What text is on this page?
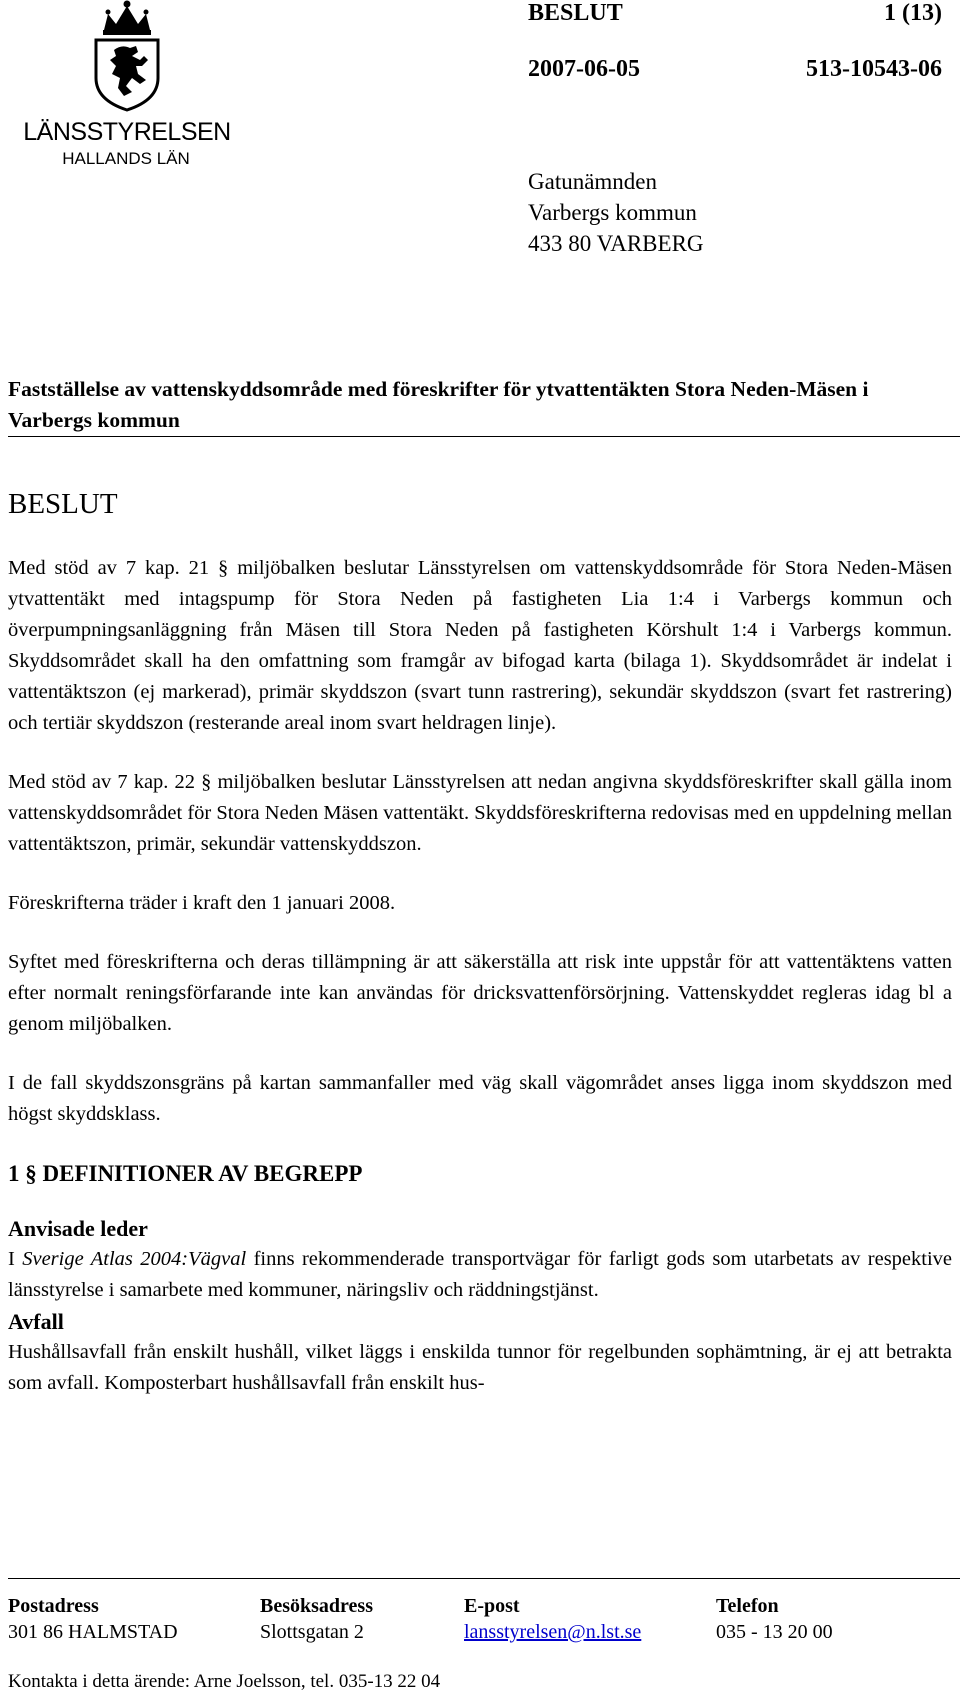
LÄNSSTYRELSEN
HALLANDS LÄN
BESLUT	1 (13)
2007-06-05	513-10543-06
Gatunämnden
Varbergs kommun
433 80 VARBERG
Fastställelse av vattenskyddsområde med föreskrifter för ytvattentäkten Stora Neden-Mäsen i Varbergs kommun
BESLUT

Med stöd av 7 kap. 21 § miljöbalken beslutar Länsstyrelsen om vattenskyddsområde för Stora Neden-Mäsen ytvattentäkt med intagspump för Stora Neden på fastigheten Lia 1:4 i Varbergs kommun och överpumpningsanläggning från Mäsen till Stora Neden på fastigheten Körshult 1:4 i Varbergs kommun. Skyddsområdet skall ha den omfattning som framgår av bifogad karta (bilaga 1). Skyddsområdet är indelat i vattentäktszon (ej markerad), primär skyddszon (svart tunn rastrering), sekundär skyddszon (svart fet rastrering) och tertiär skyddszon (resterande areal inom svart heldragen linje).

Med stöd av 7 kap. 22 § miljöbalken beslutar Länsstyrelsen att nedan angivna skyddsföreskrifter skall gälla inom vattenskyddsområdet för Stora Neden Mäsen vattentäkt. Skyddsföreskrifterna redovisas med en uppdelning mellan vattentäktszon, primär, sekundär vattenskyddszon.

Föreskrifterna träder i kraft den 1 januari 2008.

Syftet med föreskrifterna och deras tillämpning är att säkerställa att risk inte uppstår för att vattentäktens vatten efter normalt reningsförfarande inte kan användas för dricksvattenförsörjning. Vattenskyddet regleras idag bl a genom miljöbalken.

I de fall skyddszonsgräns på kartan sammanfaller med väg skall vägområdet anses ligga inom skyddszon med högst skyddsklass.

1 § DEFINITIONER AV BEGREPP
Anvisade leder

I Sverige Atlas 2004:Vägval finns rekommenderade transportvägar för farligt gods som utarbetats av respektive länsstyrelse i samarbete med kommuner, näringsliv och räddningstjänst.

Avfall

Hushållsavfall från enskilt hushåll, vilket läggs i enskilda tunnor för regelbunden sophämtning, är ej att betrakta som avfall. Komposterbart hushållsavfall från enskilt hus-

Postadress
301 86 HALMSTAD
Besöksadress
Slottsgatan 2
E-post
lansstyrelsen@n.lst.se
Telefon
035 - 13 20 00
Kontakta i detta ärende: Arne Joelsson, tel. 035-13 22 04
